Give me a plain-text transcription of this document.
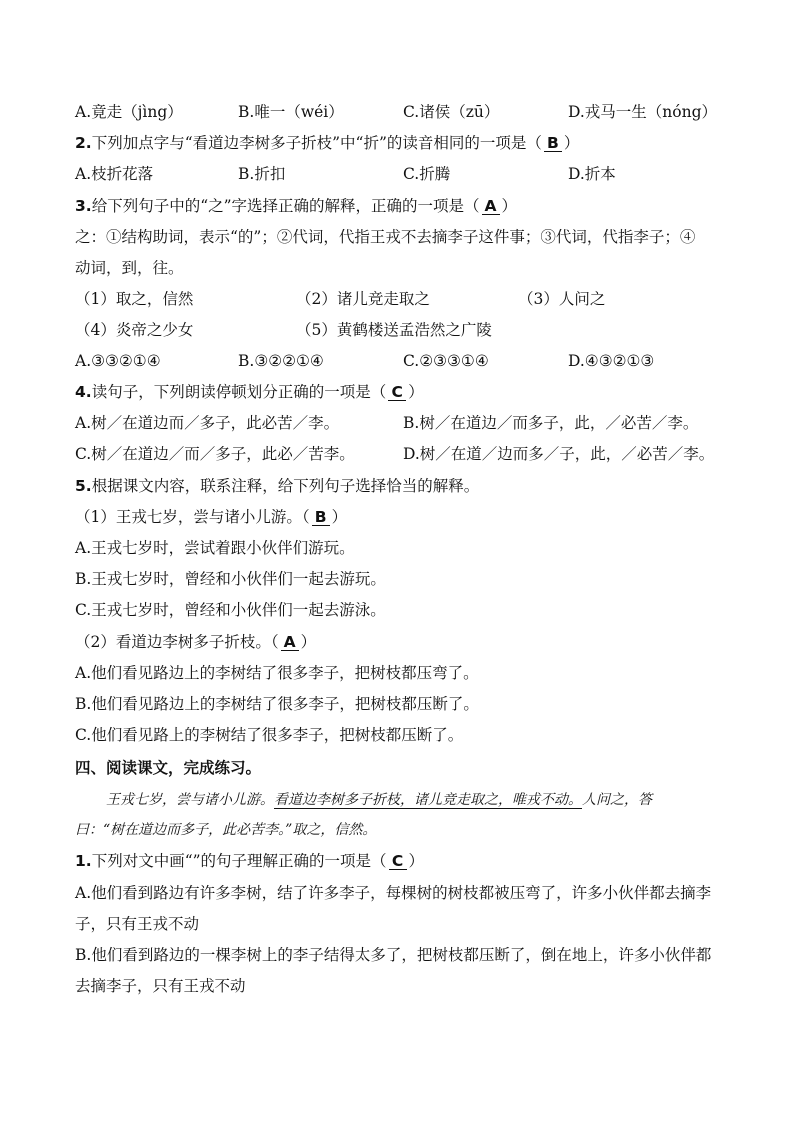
A.竟走（jìng）	B.唯一（wéi）	C.诸侯（zū）	D.戎马一生（nóng）
2.下列加点字与“看道边李树多子折枝”中“折”的读音相同的一项是（ B ）
A.枝折花落	B.折扣	C.折腾	D.折本
3.给下列句子中的“之”字选择正确的解释，正确的一项是（ A ）
之：①结构助词，表示“的”；②代词，代指王戎不去摘李子这件事；③代词，代指李子；④
动词，到，往。
（1）取之，信然	（2）诸儿竞走取之	（3）人问之
（4）炎帝之少女	（5）黄鹤楼送孟浩然之广陵
A.③③②①④	B.③②②①④	C.②③③①④	D.④③②①③
4.读句子，下列朗读停顿划分正确的一项是（ C ）
A.树／在道边而／多子，此必苦／李。	B.树／在道边／而多子，此，／必苦／李。
C.树／在道边／而／多子，此必／苦李。	D.树／在道／边而多／子，此，／必苦／李。
5.根据课文内容，联系注释，给下列句子选择恰当的解释。
（1）王戎七岁，尝与诸小儿游。（ B ）
A.王戎七岁时，尝试着跟小伙伴们游玩。
B.王戎七岁时，曾经和小伙伴们一起去游玩。
C.王戎七岁时，曾经和小伙伴们一起去游泳。
（2）看道边李树多子折枝。（ A ）
A.他们看见路边上的李树结了很多李子，把树枝都压弯了。
B.他们看见路边上的李树结了很多李子，把树枝都压断了。
C.他们看见路上的李树结了很多李子，把树枝都压断了。
四、阅读课文，完成练习。
王戎七岁，尝与诸小儿游。看道边李树多子折枝，诸儿竞走取之，唯戎不动。人问之，答
曰：“树在道边而多子，此必苦李。”取之，信然。
1.下列对文中画“”的句子理解正确的一项是（ C ）
A.他们看到路边有许多李树，结了许多李子，每棵树的树枝都被压弯了，许多小伙伴都去摘李
子，只有王戎不动
B.他们看到路边的一棵李树上的李子结得太多了，把树枝都压断了，倒在地上，许多小伙伴都
去摘李子，只有王戎不动
